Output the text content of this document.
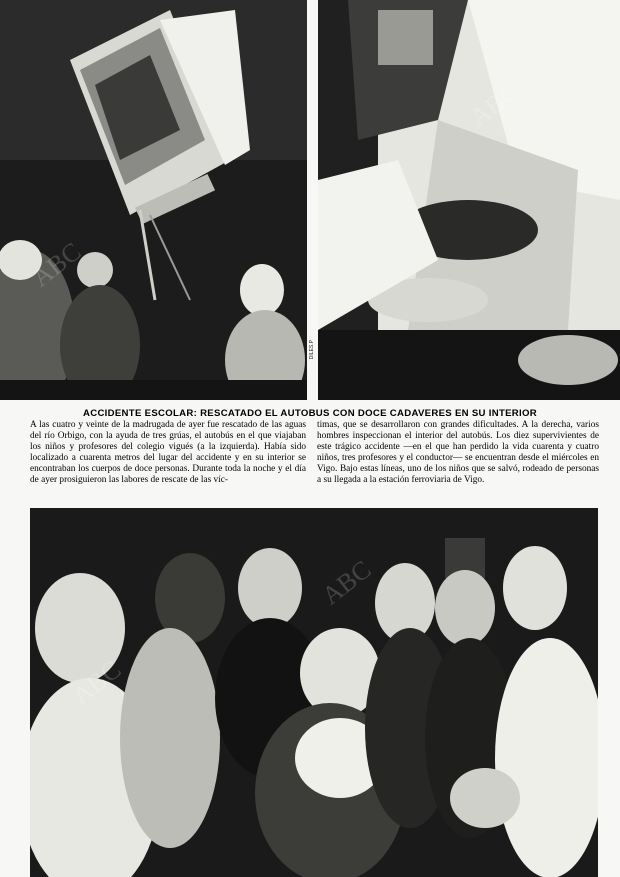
DILES.P
ACCIDENTE ESCOLAR: RESCATADO EL AUTOBUS CON DOCE CADAVERES EN SU INTERIOR
A las cuatro y veinte de la madrugada de ayer fue rescatado de las aguas del río Orbigo, con la ayuda de tres grúas, el autobús en el que viajaban los niños y profesores del colegio vigués (a la izquierda). Había sido localizado a cuarenta metros del lugar del accidente y en su interior se encontraban los cuerpos de doce personas. Durante toda la noche y el día de ayer prosiguieron las labores de rescate de las víc-
timas, que se desarrollaron con grandes dificultades. A la derecha, varios hombres inspeccionan el interior del autobús. Los diez supervivientes de este trágico accidente —en el que han perdido la vida cuarenta y cuatro niños, tres profesores y el conductor— se encuentran desde el miércoles en Vigo. Bajo estas líneas, uno de los niños que se salvó, rodeado de personas a su llegada a la estación ferroviaria de Vigo.
